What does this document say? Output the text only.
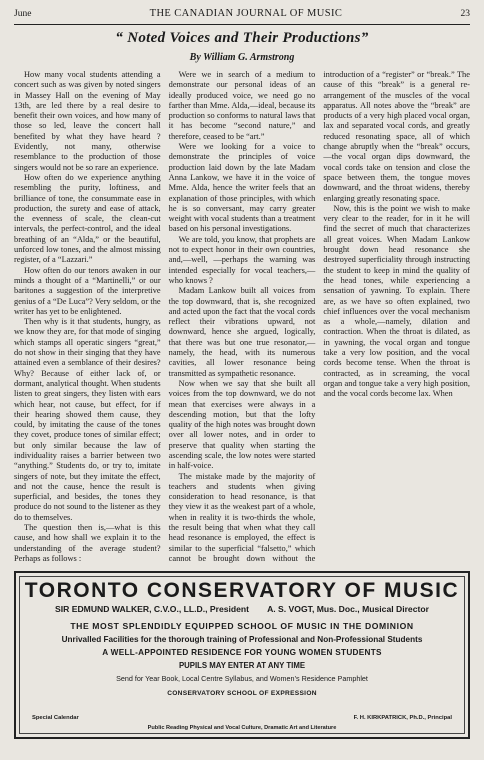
June	THE CANADIAN JOURNAL OF MUSIC	23
“ Noted Voices and Their Productions”
By William G. Armstrong

How many vocal students attending a concert such as was given by noted singers in Massey Hall on the evening of May 13th, are led there by a real desire to benefit their own voices, and how many of those so led, leave the concert hall benefited by what they have heard ? Evidently, not many, otherwise resemblance to the production of those singers would not be so rare an experience.

How often do we experience anything resembling the purity, loftiness, and brilliance of tone, the consummate ease in production, the surety and ease of attack, the evenness of scale, the clean-cut intervals, the perfect-control, and the ideal breathing of an “Alda,” or the beautiful, unforced low tones, and the almost missing register, of a “Lazzari.”

How often do our tenors awaken in our minds a thought of a “Martinelli,” or our baritones a suggestion of the interpretive genius of a “De Luca”? Very seldom, or the writer has yet to be enlightened.

Then why is it that students, hungry, as we know they are, for that mode of singing which stamps all operatic singers “great,” do not show in their singing that they have attained even a semblance of their desires? Why? Because of either lack of, or dormant, analytical thought. When students listen to great singers, they listen with ears which hear, not cause, but effect, for if their hearing showed them cause, they could, by imitating the cause of the tones they covet, produce tones of similar effect; but only similar because the law of individuality raises a barrier between two “anything.” Students do, or try to, imitate singers of note, but they imitate the effect, and not the cause, hence the result is superficial, and besides, the tones they produce do not sound to the listener as they do to themselves.

The question then is,—what is this cause, and how shall we explain it to the understanding of the average student? Perhaps as follows :

Were we in search of a medium to demonstrate our personal ideas of an ideally produced voice, we need go no farther than Mme. Alda,—ideal, because its production so conforms to natural laws that it has become “second nature,” and therefore, ceased to be “art.”

Were we looking for a voice to demonstrate the principles of voice production laid down by the late Madam Anna Lankow, we have it in the voice of Mme. Alda, hence the writer feels that an explanation of those principles, with which he is so conversant, may carry greater weight with vocal students than a treatment based on his personal investigations.

We are told, you know, that prophets are not to expect honor in their own countries, and,—well, —perhaps the warning was intended especially for vocal teachers,—who knows ?

Madam Lankow built all voices from the top downward, that is, she recognized and acted upon the fact that the vocal cords reflect their vibrations upward, not downward, hence she argued, logically, that there was but one true resonator,—namely, the head, with its numerous cavities, all lower resonance being transmitted as sympathetic resonance.

Now when we say that she built all voices from the top downward, we do not mean that exercises were always in a descending motion, but that the lofty quality of the high notes was brought down over all lower notes, and in order to preserve that quality when starting the ascending scale, the low notes were started in half-voice.

The mistake made by the majority of teachers and students when giving consideration to head resonance, is that they view it as the weakest part of a whole, when in reality it is two-thirds the whole, the result being that when what they call head resonance is employed, the effect is similar to the superficial “falsetto,” which cannot be brought down without the introduction of a “register” or “break.” The cause of this “break” is a general re-arrangement of the muscles of the vocal apparatus. All notes above the “break” are products of a very high placed vocal organ, lax and separated vocal cords, and greatly reduced resonating space, all of which change abruptly when the “break” occurs,—the vocal organ dips downward, the vocal cords take on tension and close the space between them, the tongue moves downward, and the throat widens, thereby enlarging greatly resonating space.

Now, this is the point we wish to make very clear to the reader, for in it he will find the secret of much that characterizes all great voices. When Madam Lankow brought down head resonance she destroyed superficiality through instructing the student to keep in mind the quality of the head tones, while experiencing a sensation of yawning. To explain. There are, as we have so often explained, two chief influences over the vocal mechanism as a whole,—namely, dilation and contraction. When the throat is dilated, as in yawning, the vocal organ and tongue take a very low position, and the vocal cords become tense. When the throat is contracted, as in screaming, the vocal organ and tongue take a very high position, and the vocal cords become lax. When

TORONTO CONSERVATORY OF MUSIC
SIR EDMUND WALKER, C.V.O., LL.D., President A. S. VOGT, Mus. Doc., Musical Director
THE MOST SPLENDIDLY EQUIPPED SCHOOL OF MUSIC IN THE DOMINION
Unrivalled Facilities for the thorough training of Professional and Non-Professional Students
A WELL-APPOINTED RESIDENCE FOR YOUNG WOMEN STUDENTS
PUPILS MAY ENTER AT ANY TIME
Send for Year Book, Local Centre Syllabus, and Women’s Residence Pamphlet
CONSERVATORY SCHOOL OF EXPRESSION
Special Calendar	F. H. KIRKPATRICK, Ph.D., Principal
Public Reading Physical and Vocal Culture, Dramatic Art and Literature
